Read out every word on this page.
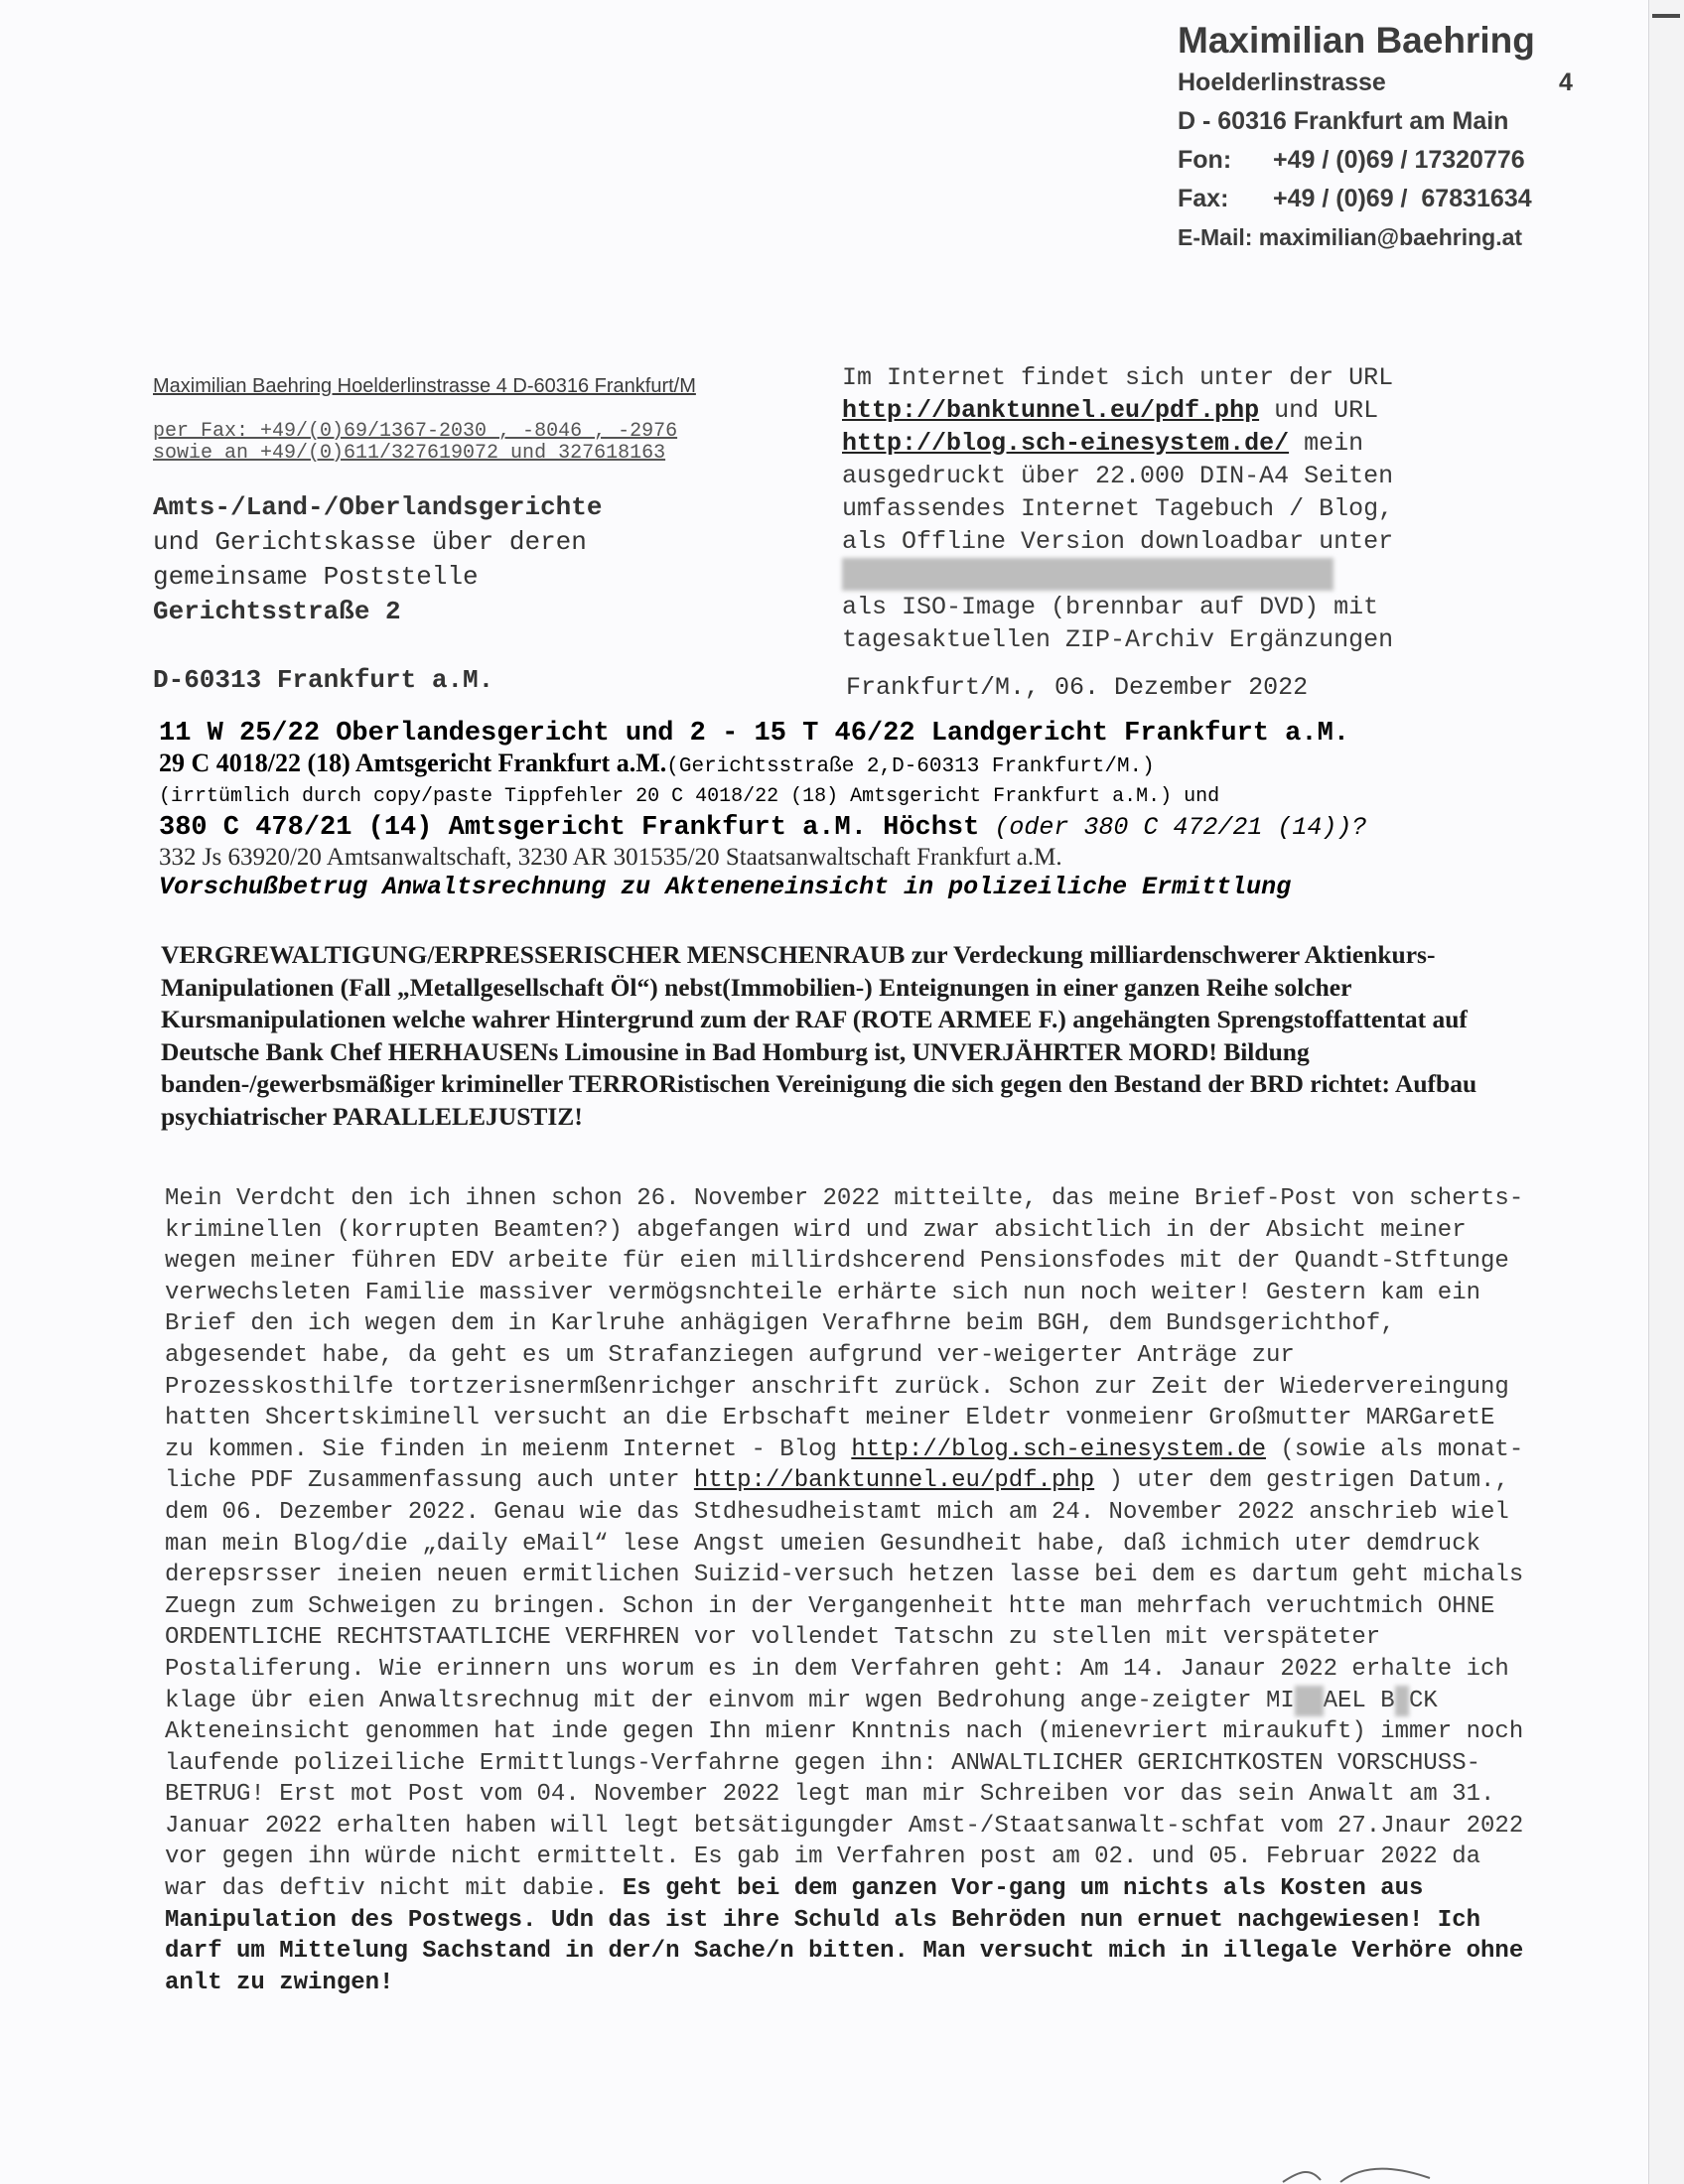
Maximilian Baehring
Hoelderlinstrasse	4
D - 60316 Frankfurt am Main
Fon: +49 / (0)69 / 17320776
Fax: +49 / (0)69 /  67831634
E-Mail: maximilian@baehring.at
Maximilian Baehring Hoelderlinstrasse 4 D-60316 Frankfurt/M
per Fax: +49/(0)69/1367-2030 , -8046 , -2976
sowie an +49/(0)611/327619072 und 327618163
Amts-/Land-/Oberlandsgerichte
und Gerichtskasse über deren
gemeinsame Poststelle
Gerichtsstraße 2
D-60313 Frankfurt a.M.
Im Internet findet sich unter der URL
http://banktunnel.eu/pdf.php und URL
http://blog.sch-einesystem.de/ mein
ausgedruckt über 22.000 DIN-A4 Seiten
umfassendes Internet Tagebuch / Blog,
als Offline Version downloadbar unter

als ISO-Image (brennbar auf DVD) mit
tagesaktuellen ZIP-Archiv Ergänzungen
Frankfurt/M., 06. Dezember 2022
11 W 25/22 Oberlandesgericht und 2 - 15 T 46/22 Landgericht Frankfurt a.M.
29 C 4018/22 (18) Amtsgericht Frankfurt a.M.(Gerichtsstraße 2,D-60313 Frankfurt/M.)
(irrtümlich durch copy/paste Tippfehler 20 C 4018/22 (18) Amtsgericht Frankfurt a.M.) und
380 C 478/21 (14) Amtsgericht Frankfurt a.M. Höchst (oder 380 C 472/21 (14))?
332 Js 63920/20 Amtsanwaltschaft, 3230 AR 301535/20 Staatsanwaltschaft Frankfurt a.M.
Vorschußbetrug Anwaltsrechnung zu Akteneneinsicht in polizeiliche Ermittlung
VERGREWALTIGUNG/ERPRESSERISCHER MENSCHENRAUB zur Verdeckung milliardenschwerer Aktienkurs-Manipulationen (Fall „Metallgesellschaft Öl“) nebst(Immobilien-) Enteignungen in einer ganzen Reihe solcher Kursmanipulationen welche wahrer Hintergrund zum der RAF (ROTE ARMEE F.) angehängten Sprengstoffattentat auf Deutsche Bank Chef HERHAUSENs Limousine in Bad Homburg ist, UNVERJÄHRTER MORD! Bildung banden-/gewerbsmäßiger krimineller TERRORistischen Vereinigung die sich gegen den Bestand der BRD richtet: Aufbau psychiatrischer PARALLELEJUSTIZ!
Mein Verdcht den ich ihnen schon 26. November 2022 mitteilte, das meine Brief-Post von scherts-kriminellen (korrupten Beamten?) abgefangen wird und zwar absichtlich in der Absicht meiner wegen meiner führen EDV arbeite für eien millirdshcerend Pensionsfodes mit der Quandt-Stftunge verwechsleten Familie massiver vermögsnchteile erhärte sich nun noch weiter! Gestern kam ein Brief den ich wegen dem in Karlruhe anhägigen Verafhrne beim BGH, dem Bundsgerichthof, abgesendet habe, da geht es um Strafanziegen aufgrund ver-weigerter Anträge zur Prozesskosthilfe tortzerisnermßenrichger anschrift zurück. Schon zur Zeit der Wiedervereingung hatten Shcertskiminell versucht an die Erbschaft meiner Eldetr vonmeienr Großmutter MARGaretE zu kommen. Sie finden in meienm Internet - Blog http://blog.sch-einesystem.de (sowie als monat-liche PDF Zusammenfassung auch unter http://banktunnel.eu/pdf.php ) uter dem gestrigen Datum., dem 06. Dezember 2022. Genau wie das Stdhesudheistamt mich am 24. November 2022 anschrieb wiel man mein Blog/die „daily eMail“ lese Angst umeien Gesundheit habe, daß ichmich uter demdruck derepsrsser ineien neuen ermitlichen Suizid-versuch hetzen lasse bei dem es dartum geht michals Zuegn zum Schweigen zu bringen. Schon in der Vergangenheit htte man mehrfach veruchtmich OHNE ORDENTLICHE RECHTSTAATLICHE VERFHREN vor vollendet Tatschn zu stellen mit verspäteter Postaliferung. Wie erinnern uns worum es in dem Verfahren geht: Am 14. Janaur 2022 erhalte ich klage übr eien Anwaltsrechnug mit der einvom mir wgen Bedrohung ange-zeigter MI AEL B CK Akteneinsicht genommen hat inde gegen Ihn mienr Knntnis nach (mienevriert miraukuft) immer noch laufende polizeiliche Ermittlungs-Verfahrne gegen ihn: ANWALTLICHER GERICHTKOSTEN VORSCHUSS-BETRUG! Erst mot Post vom 04. November 2022 legt man mir Schreiben vor das sein Anwalt am 31. Januar 2022 erhalten haben will legt betsätigungder Amst-/Staatsanwalt-schfat vom 27.Jnaur 2022 vor gegen ihn würde nicht ermittelt. Es gab im Verfahren post am 02. und 05. Februar 2022 da war das deftiv nicht mit dabie. Es geht bei dem ganzen Vor-gang um nichts als Kosten aus Manipulation des Postwegs. Udn das ist ihre Schuld als Behröden nun ernuet nachgewiesen! Ich darf um Mittelung Sachstand in der/n Sache/n bitten. Man versucht mich in illegale Verhöre ohne anlt zu zwingen!
